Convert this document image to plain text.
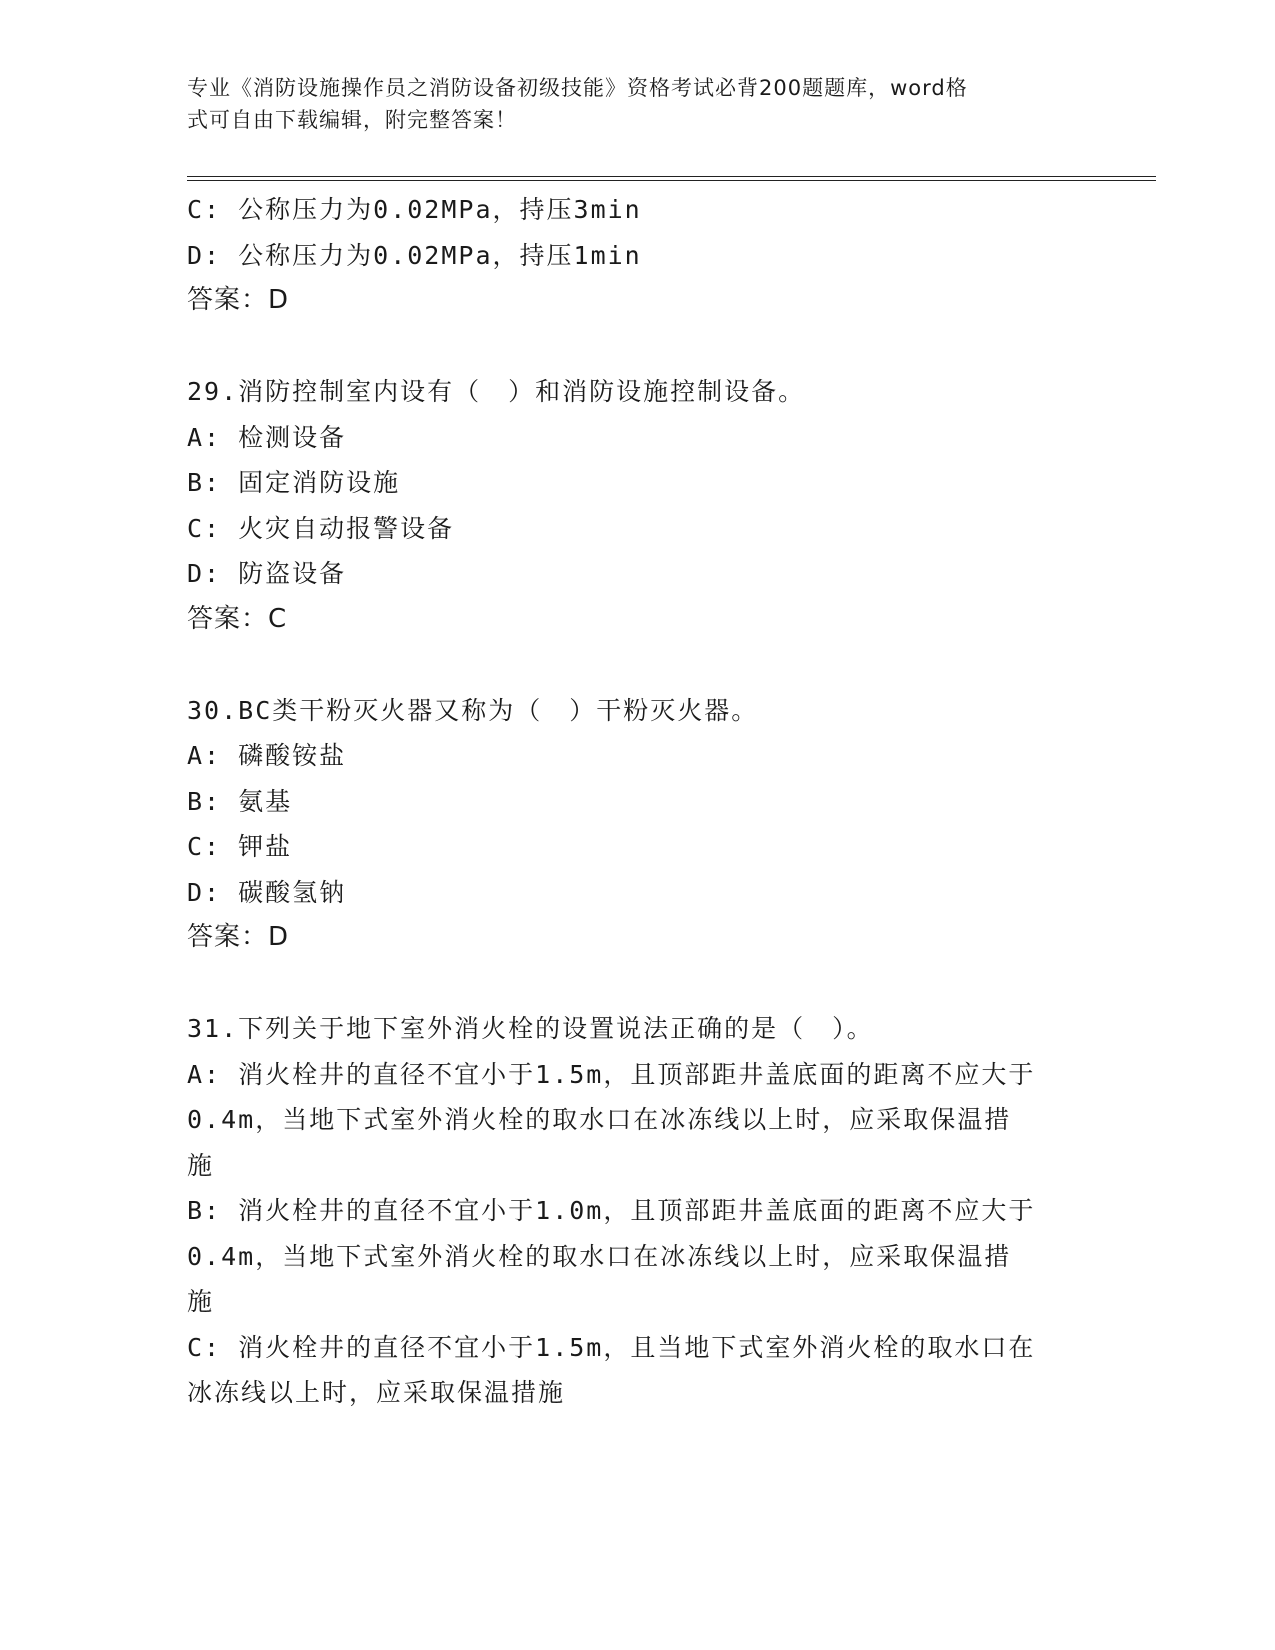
专业《消防设施操作员之消防设备初级技能》资格考试必背200题题库，word格
式可自由下载编辑，附完整答案！
C: 公称压力为0.02MPa，持压3min
D: 公称压力为0.02MPa，持压1min
答案：D
29.消防控制室内设有（　）和消防设施控制设备。
A: 检测设备
B: 固定消防设施
C: 火灾自动报警设备
D: 防盗设备
答案：C
30.BC类干粉灭火器又称为（　）干粉灭火器。
A: 磷酸铵盐
B: 氨基
C: 钾盐
D: 碳酸氢钠
答案：D
31.下列关于地下室外消火栓的设置说法正确的是（　）。
A: 消火栓井的直径不宜小于1.5m，且顶部距井盖底面的距离不应大于
0.4m，当地下式室外消火栓的取水口在冰冻线以上时，应采取保温措
施
B: 消火栓井的直径不宜小于1.0m，且顶部距井盖底面的距离不应大于
0.4m，当地下式室外消火栓的取水口在冰冻线以上时，应采取保温措
施
C: 消火栓井的直径不宜小于1.5m，且当地下式室外消火栓的取水口在
冰冻线以上时，应采取保温措施
